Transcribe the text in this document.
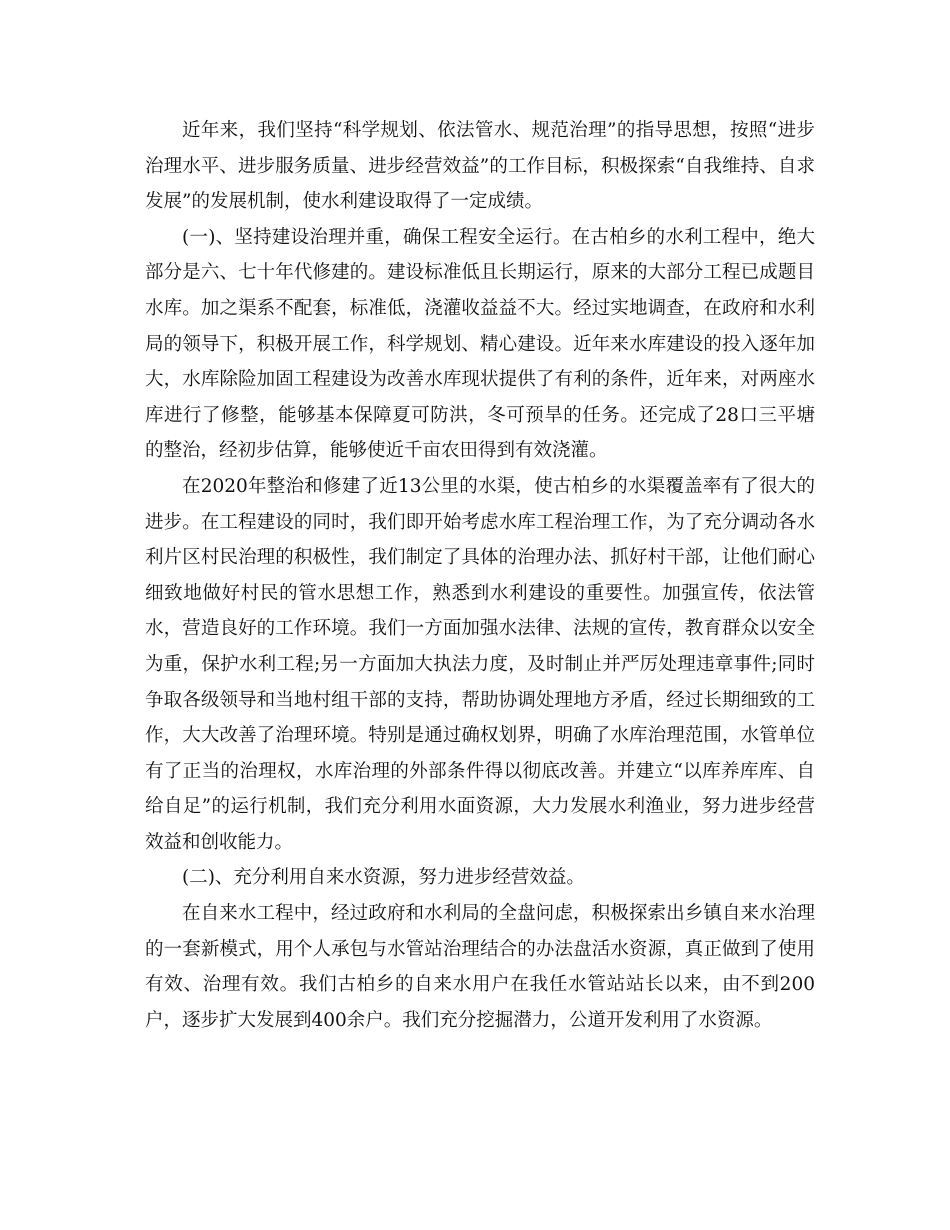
近年来，我们坚持“科学规划、依法管水、规范治理”的指导思想，按照“进步治理水平、进步服务质量、进步经营效益”的工作目标，积极探索“自我维持、自求发展”的发展机制，使水利建设取得了一定成绩。

(一)、坚持建设治理并重，确保工程安全运行。在古柏乡的水利工程中，绝大部分是六、七十年代修建的。建设标准低且长期运行，原来的大部分工程已成题目水库。加之渠系不配套，标准低，浇灌收益益不大。经过实地调查，在政府和水利局的领导下，积极开展工作，科学规划、精心建设。近年来水库建设的投入逐年加大，水库除险加固工程建设为改善水库现状提供了有利的条件，近年来，对两座水库进行了修整，能够基本保障夏可防洪，冬可预旱的任务。还完成了28口三平塘的整治，经初步估算，能够使近千亩农田得到有效浇灌。

在2020年整治和修建了近13公里的水渠，使古柏乡的水渠覆盖率有了很大的进步。在工程建设的同时，我们即开始考虑水库工程治理工作，为了充分调动各水利片区村民治理的积极性，我们制定了具体的治理办法、抓好村干部，让他们耐心细致地做好村民的管水思想工作，熟悉到水利建设的重要性。加强宣传，依法管水，营造良好的工作环境。我们一方面加强水法律、法规的宣传，教育群众以安全为重，保护水利工程;另一方面加大执法力度，及时制止并严厉处理违章事件;同时争取各级领导和当地村组干部的支持，帮助协调处理地方矛盾，经过长期细致的工作，大大改善了治理环境。特别是通过确权划界，明确了水库治理范围，水管单位有了正当的治理权，水库治理的外部条件得以彻底改善。并建立“以库养库库、自给自足”的运行机制，我们充分利用水面资源，大力发展水利渔业，努力进步经营效益和创收能力。

(二)、充分利用自来水资源，努力进步经营效益。

在自来水工程中，经过政府和水利局的全盘问虑，积极探索出乡镇自来水治理的一套新模式，用个人承包与水管站治理结合的办法盘活水资源，真正做到了使用有效、治理有效。我们古柏乡的自来水用户在我任水管站站长以来，由不到200户，逐步扩大发展到400余户。我们充分挖掘潜力，公道开发利用了水资源。
